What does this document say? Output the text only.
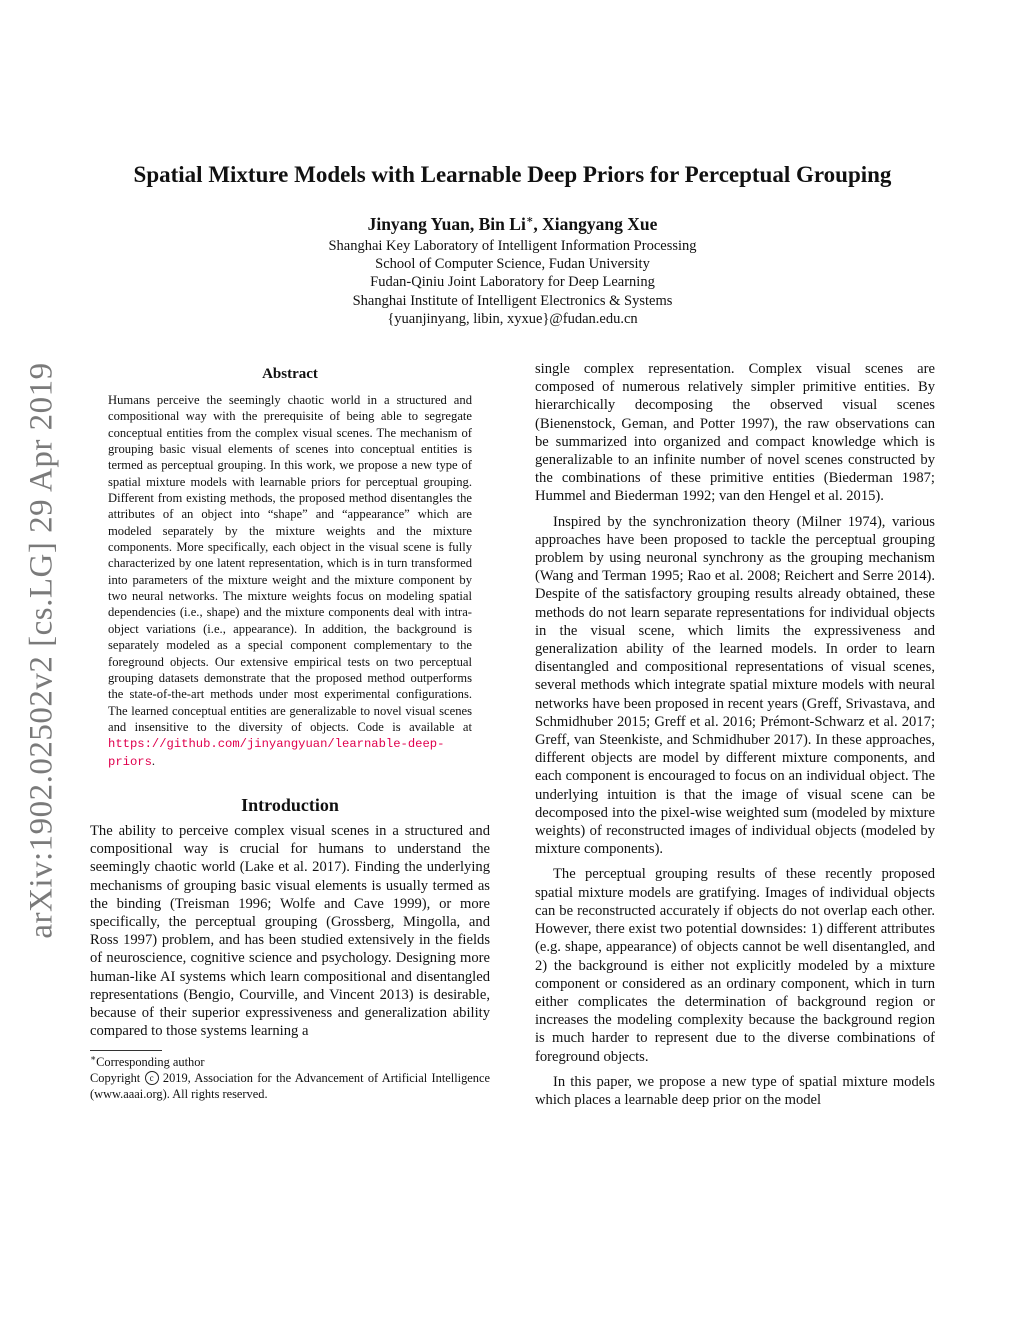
arXiv:1902.02502v2 [cs.LG] 29 Apr 2019
Spatial Mixture Models with Learnable Deep Priors for Perceptual Grouping
Jinyang Yuan, Bin Li∗, Xiangyang Xue
Shanghai Key Laboratory of Intelligent Information Processing
School of Computer Science, Fudan University
Fudan-Qiniu Joint Laboratory for Deep Learning
Shanghai Institute of Intelligent Electronics & Systems
{yuanjinyang, libin, xyxue}@fudan.edu.cn
Abstract

Humans perceive the seemingly chaotic world in a structured and compositional way with the prerequisite of being able to segregate conceptual entities from the complex visual scenes. The mechanism of grouping basic visual elements of scenes into conceptual entities is termed as perceptual grouping. In this work, we propose a new type of spatial mixture models with learnable priors for perceptual grouping. Different from existing methods, the proposed method disentangles the attributes of an object into “shape” and “appearance” which are modeled separately by the mixture weights and the mixture components. More specifically, each object in the visual scene is fully characterized by one latent representation, which is in turn transformed into parameters of the mixture weight and the mixture component by two neural networks. The mixture weights focus on modeling spatial dependencies (i.e., shape) and the mixture components deal with intra-object variations (i.e., appearance). In addition, the background is separately modeled as a special component complementary to the foreground objects. Our extensive empirical tests on two perceptual grouping datasets demonstrate that the proposed method outperforms the state-of-the-art methods under most experimental configurations. The learned conceptual entities are generalizable to novel visual scenes and insensitive to the diversity of objects. Code is available at https://github.com/jinyangyuan/learnable-deep-priors.

Introduction

The ability to perceive complex visual scenes in a structured and compositional way is crucial for humans to understand the seemingly chaotic world (Lake et al. 2017). Finding the underlying mechanisms of grouping basic visual elements is usually termed as the binding (Treisman 1996; Wolfe and Cave 1999), or more specifically, the perceptual grouping (Grossberg, Mingolla, and Ross 1997) problem, and has been studied extensively in the fields of neuroscience, cognitive science and psychology. Designing more human-like AI systems which learn compositional and disentangled representations (Bengio, Courville, and Vincent 2013) is desirable, because of their superior expressiveness and generalization ability compared to those systems learning a

∗Corresponding author
Copyright c 2019, Association for the Advancement of Artificial Intelligence (www.aaai.org). All rights reserved.

single complex representation. Complex visual scenes are composed of numerous relatively simpler primitive entities. By hierarchically decomposing the observed visual scenes (Bienenstock, Geman, and Potter 1997), the raw observations can be summarized into organized and compact knowledge which is generalizable to an infinite number of novel scenes constructed by the combinations of these primitive entities (Biederman 1987; Hummel and Biederman 1992; van den Hengel et al. 2015).

Inspired by the synchronization theory (Milner 1974), various approaches have been proposed to tackle the perceptual grouping problem by using neuronal synchrony as the grouping mechanism (Wang and Terman 1995; Rao et al. 2008; Reichert and Serre 2014). Despite of the satisfactory grouping results already obtained, these methods do not learn separate representations for individual objects in the visual scene, which limits the expressiveness and generalization ability of the learned models. In order to learn disentangled and compositional representations of visual scenes, several methods which integrate spatial mixture models with neural networks have been proposed in recent years (Greff, Srivastava, and Schmidhuber 2015; Greff et al. 2016; Prémont-Schwarz et al. 2017; Greff, van Steenkiste, and Schmidhuber 2017). In these approaches, different objects are model by different mixture components, and each component is encouraged to focus on an individual object. The underlying intuition is that the image of visual scene can be decomposed into the pixel-wise weighted sum (modeled by mixture weights) of reconstructed images of individual objects (modeled by mixture components).

The perceptual grouping results of these recently proposed spatial mixture models are gratifying. Images of individual objects can be reconstructed accurately if objects do not overlap each other. However, there exist two potential downsides: 1) different attributes (e.g. shape, appearance) of objects cannot be well disentangled, and 2) the background is either not explicitly modeled by a mixture component or considered as an ordinary component, which in turn either complicates the determination of background region or increases the modeling complexity because the background region is much harder to represent due to the diverse combinations of foreground objects.

In this paper, we propose a new type of spatial mixture models which places a learnable deep prior on the model
